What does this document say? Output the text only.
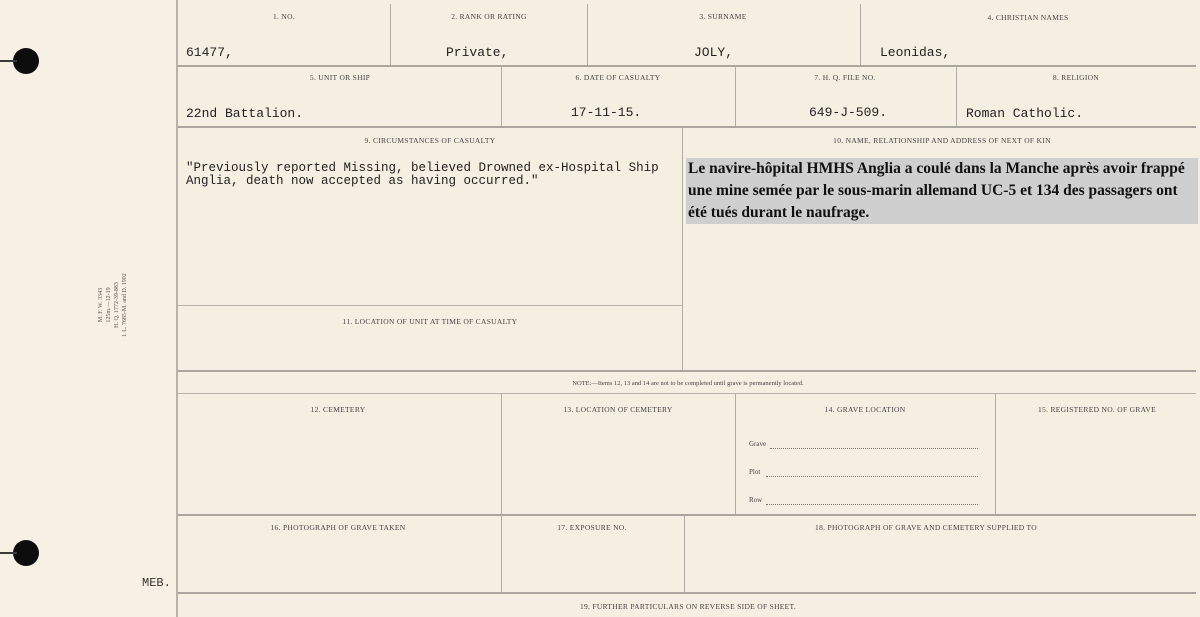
M. F. W. 3343 125m.—12-19 H. Q. 1772-39-883 I. L. 7685-M. and D. 1902
MEB.
1. NO.	2. RANK OR RATING	3. SURNAME	4. CHRISTIAN NAMES
61477,	Private,	JOLY,	Leonidas,
5. UNIT OR SHIP	6. DATE OF CASUALTY	7. H. Q. FILE NO.	8. RELIGION
22nd Battalion.	17-11-15.	649-J-509.	Roman Catholic.
9. CIRCUMSTANCES OF CASUALTY	10. NAME, RELATIONSHIP AND ADDRESS OF NEXT OF KIN
"Previously reported Missing, believed Drowned ex-Hospital Ship
Anglia, death now accepted as having occurred."
Le navire-hôpital HMHS Anglia a coulé dans la Manche après avoir frappé une mine semée par le sous-marin allemand UC-5 et 134 des passagers ont été tués durant le naufrage.
11. LOCATION OF UNIT AT TIME OF CASUALTY
NOTE:—Items 12, 13 and 14 are not to be completed until grave is permanently located.
12. CEMETERY	13. LOCATION OF CEMETERY	14. GRAVE LOCATION	15. REGISTERED NO. OF GRAVE
Grave
Plot
Row
16. PHOTOGRAPH OF GRAVE TAKEN	17. EXPOSURE NO.	18. PHOTOGRAPH OF GRAVE AND CEMETERY SUPPLIED TO
19. FURTHER PARTICULARS ON REVERSE SIDE OF SHEET.
